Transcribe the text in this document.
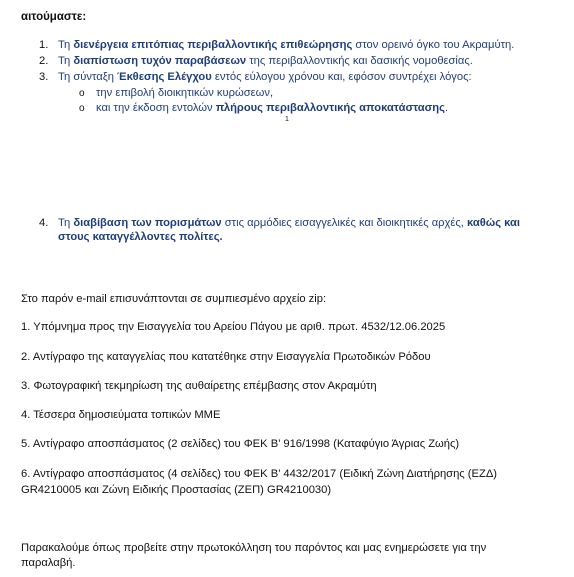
αιτούμαστε:
1. Τη διενέργεια επιτόπιας περιβαλλοντικής επιθεώρησης στον ορεινό όγκο του Ακραμύτη.
2. Τη διαπίστωση τυχόν παραβάσεων της περιβαλλοντικής και δασικής νομοθεσίας.
3. Τη σύνταξη Έκθεσης Ελέγχου εντός εύλογου χρόνου και, εφόσον συντρέχει λόγος:
o την επιβολή διοικητικών κυρώσεων,
o και την έκδοση εντολών πλήρους περιβαλλοντικής αποκατάστασης.
1
4. Τη διαβίβαση των πορισμάτων στις αρμόδιες εισαγγελικές και διοικητικές αρχές, καθώς και
στους καταγγέλλοντες πολίτες.
Στο παρόν e-mail επισυνάπτονται σε συμπιεσμένο αρχείο zip:
1. Υπόμνημα προς την Εισαγγελία του Αρείου Πάγου με αριθ. πρωτ. 4532/12.06.2025
2. Αντίγραφο της καταγγελίας που κατατέθηκε στην Εισαγγελία Πρωτοδικών Ρόδου
3. Φωτογραφική τεκμηρίωση της αυθαίρετης επέμβασης στον Ακραμύτη
4. Τέσσερα δημοσιεύματα τοπικών ΜΜΕ
5. Αντίγραφο αποσπάσματος (2 σελίδες) του ΦΕΚ Β’ 916/1998 (Καταφύγιο Άγριας Ζωής)
6. Αντίγραφο αποσπάσματος (4 σελίδες) του ΦΕΚ Β’ 4432/2017 (Ειδική Ζώνη Διατήρησης (ΕΖΔ)
GR4210005 και Ζώνη Ειδικής Προστασίας (ΖΕΠ) GR4210030)
Παρακαλούμε όπως προβείτε στην πρωτοκόλληση του παρόντος και μας ενημερώσετε για την
παραλαβή.
